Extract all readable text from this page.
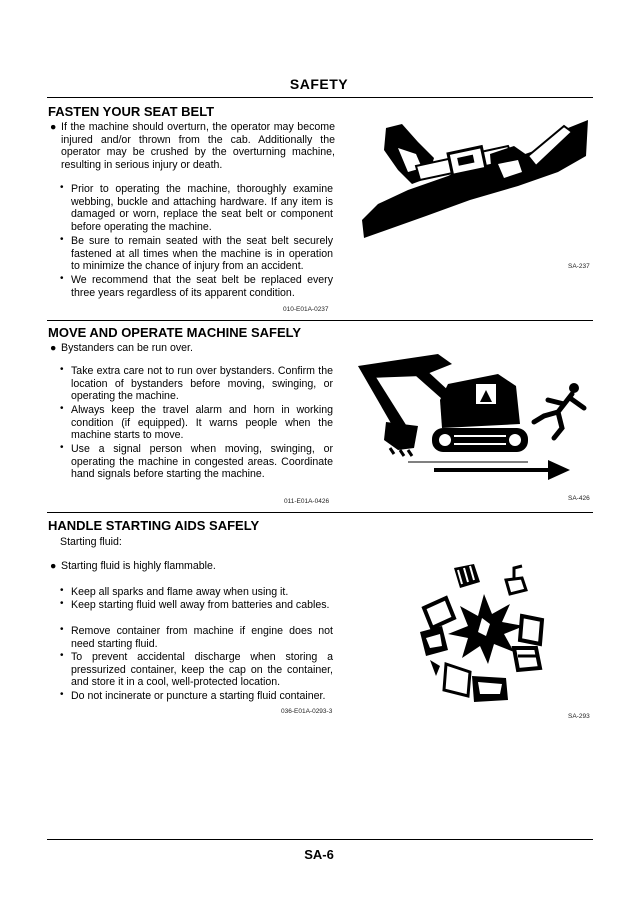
SAFETY
FASTEN YOUR SEAT BELT
● If the machine should overturn, the operator may become injured and/or thrown from the cab. Additionally the operator may be crushed by the overturning machine, resulting in serious injury or death.
• Prior to operating the machine, thoroughly examine webbing, buckle and attaching hardware. If any item is damaged or worn, replace the seat belt or component before operating the machine.
• Be sure to remain seated with the seat belt securely fastened at all times when the machine is in operation to minimize the chance of injury from an accident.
• We recommend that the seat belt be replaced every three years regardless of its apparent condition.
010-E01A-0237
SA-237
MOVE AND OPERATE MACHINE SAFELY
● Bystanders can be run over.
• Take extra care not to run over bystanders. Confirm the location of bystanders before moving, swinging, or operating the machine.
• Always keep the travel alarm and horn in working condition (if equipped). It warns people when the machine starts to move.
• Use a signal person when moving, swinging, or operating the machine in congested areas. Coordinate hand signals before starting the machine.
011-E01A-0426	SA-426
HANDLE STARTING AIDS SAFELY
Starting fluid:
● Starting fluid is highly flammable.
• Keep all sparks and flame away when using it.
• Keep starting fluid well away from batteries and cables.
• Remove container from machine if engine does not need starting fluid.
• To prevent accidental discharge when storing a pressurized container, keep the cap on the container, and store it in a cool, well-protected location.
• Do not incinerate or puncture a starting fluid container.
036-E01A-0293-3
SA-293
SA-6
